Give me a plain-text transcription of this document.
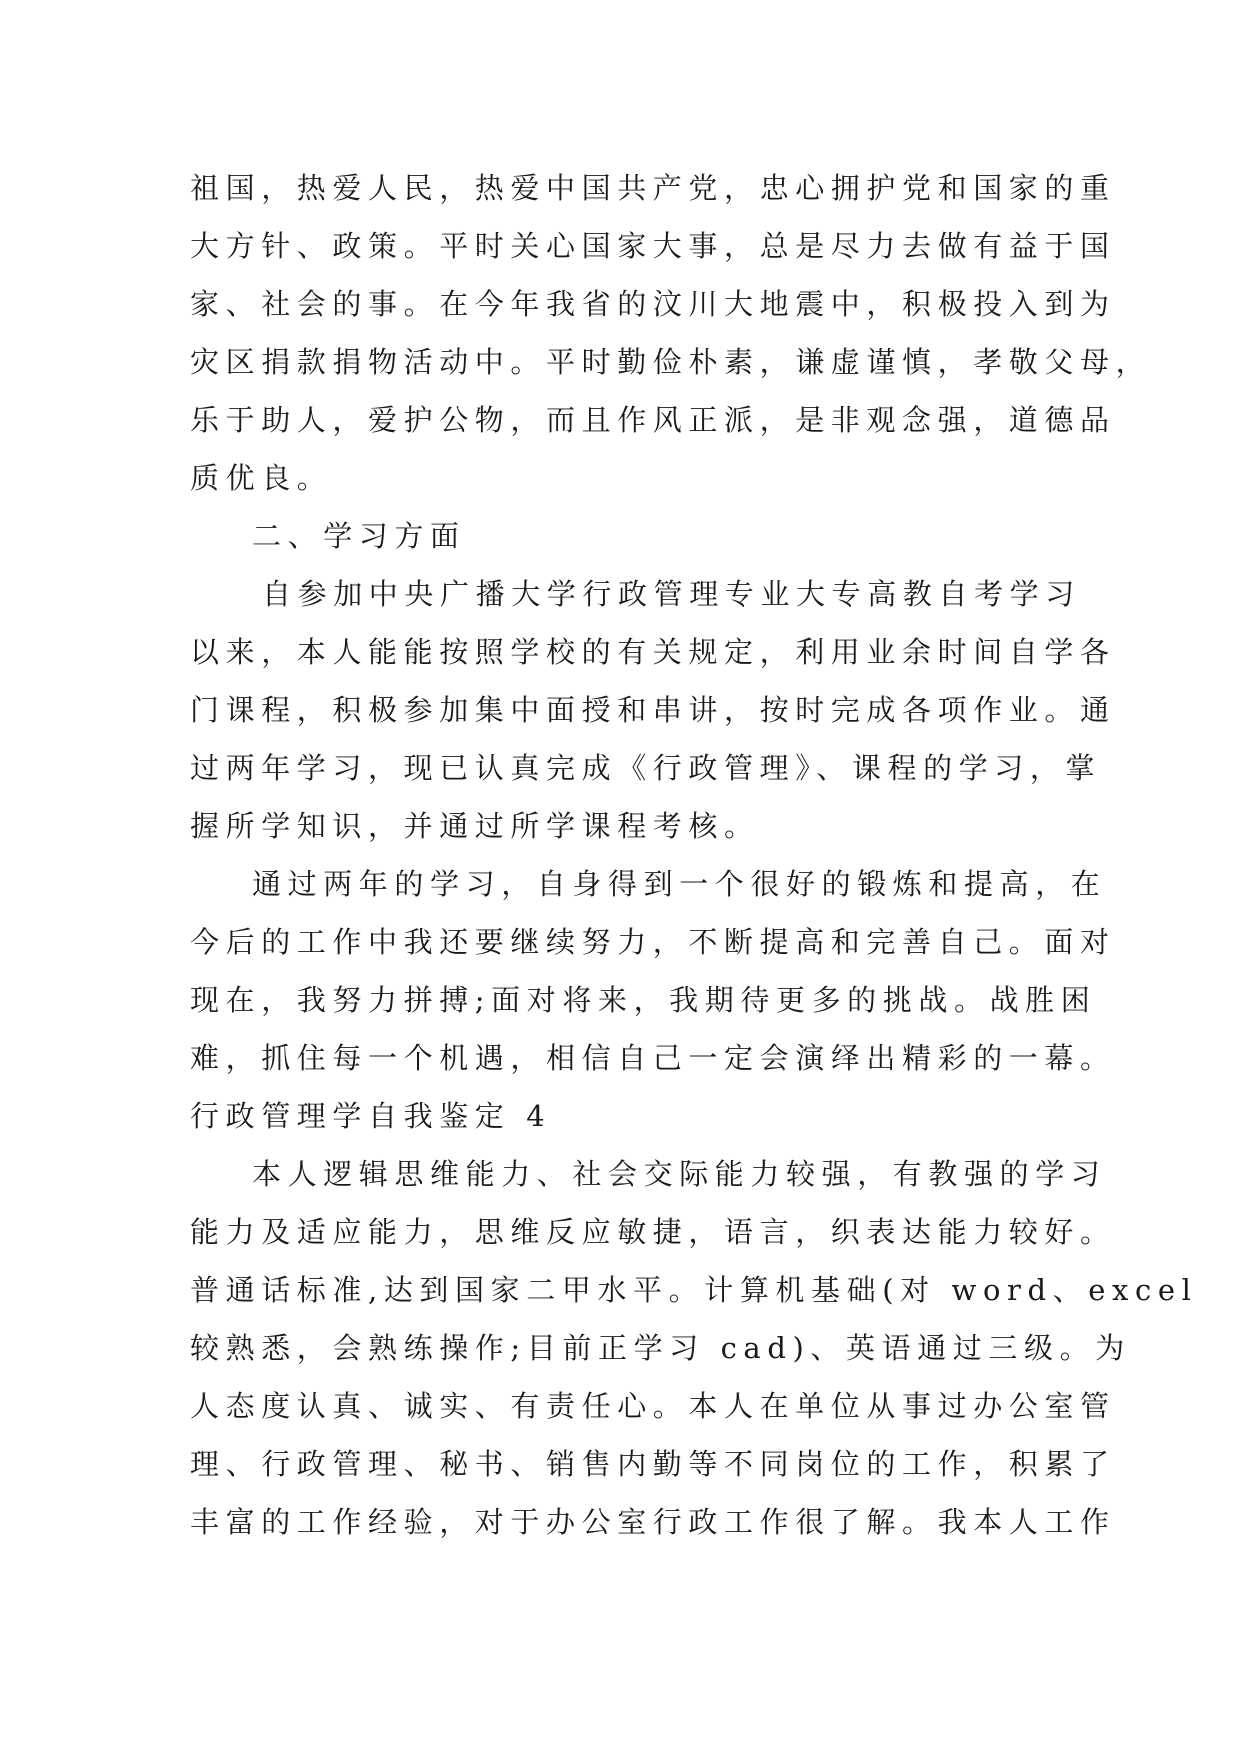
祖国，热爱人民，热爱中国共产党，忠心拥护党和国家的重
大方针、政策。平时关心国家大事，总是尽力去做有益于国
家、社会的事。在今年我省的汶川大地震中，积极投入到为
灾区捐款捐物活动中。平时勤俭朴素，谦虚谨慎，孝敬父母，
乐于助人，爱护公物，而且作风正派，是非观念强，道德品
质优良。
二、学习方面
自参加中央广播大学行政管理专业大专高教自考学习
以来，本人能能按照学校的有关规定，利用业余时间自学各
门课程，积极参加集中面授和串讲，按时完成各项作业。通
过两年学习，现已认真完成《行政管理》、课程的学习，掌
握所学知识，并通过所学课程考核。
通过两年的学习，自身得到一个很好的锻炼和提高，在
今后的工作中我还要继续努力，不断提高和完善自己。面对
现在，我努力拼搏;面对将来，我期待更多的挑战。战胜困
难，抓住每一个机遇，相信自己一定会演绎出精彩的一幕。
行政管理学自我鉴定 4
本人逻辑思维能力、社会交际能力较强，有教强的学习
能力及适应能力，思维反应敏捷，语言，织表达能力较好。
普通话标准,达到国家二甲水平。计算机基础(对 word、excel
较熟悉，会熟练操作;目前正学习 cad)、英语通过三级。为
人态度认真、诚实、有责任心。本人在单位从事过办公室管
理、行政管理、秘书、销售内勤等不同岗位的工作，积累了
丰富的工作经验，对于办公室行政工作很了解。我本人工作
